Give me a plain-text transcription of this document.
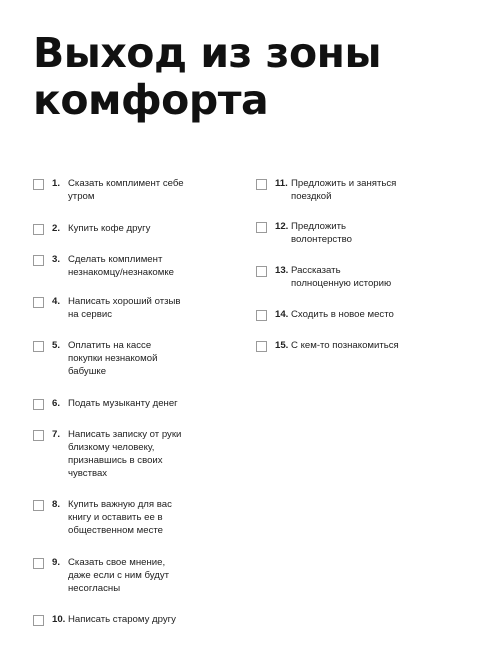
Выход из зоны
комфорта
1. Сказать комплимент себе
утром
2. Купить кофе другу
3. Сделать комплимент
незнакомцу/незнакомке
4. Написать хороший отзыв
на сервис
5. Оплатить на кассе
покупки незнакомой
бабушке
6. Подать музыканту денег
7. Написать записку от руки
близкому человеку,
признавшись в своих
чувствах
8. Купить важную для вас
книгу и оставить ее в
общественном месте
9. Сказать свое мнение,
даже если с ним будут
несогласны
10. Написать старому другу
11. Предложить и заняться
поездкой
12. Предложить
волонтерство
13. Рассказать
полноценную историю
14. Сходить в новое место
15. С кем-то познакомиться
